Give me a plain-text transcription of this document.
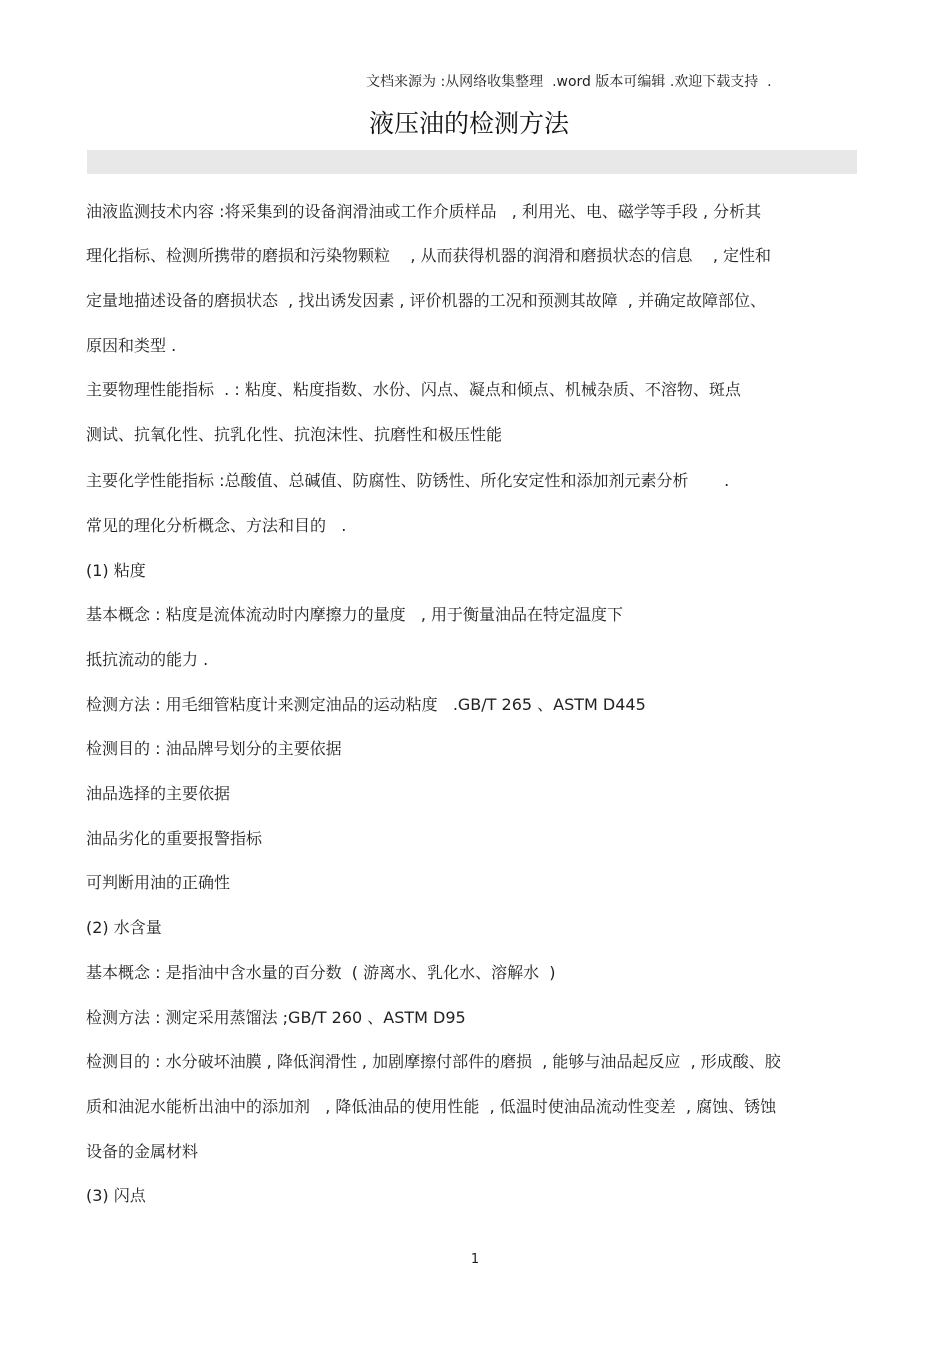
文档来源为 :从网络收集整理  .word 版本可编辑 .欢迎下载支持  .
液压油的检测方法
油液监测技术内容 :将采集到的设备润滑油或工作介质样品   , 利用光、电、磁学等手段 , 分析其
理化指标、检测所携带的磨损和污染物颗粒    , 从而获得机器的润滑和磨损状态的信息    , 定性和
定量地描述设备的磨损状态  , 找出诱发因素 , 评价机器的工况和预测其故障  , 并确定故障部位、
原因和类型 .
主要物理性能指标  . : 粘度、粘度指数、水份、闪点、凝点和倾点、机械杂质、不溶物、斑点
测试、抗氧化性、抗乳化性、抗泡沫性、抗磨性和极压性能
主要化学性能指标 :总酸值、总碱值、防腐性、防锈性、所化安定性和添加剂元素分析       .
常见的理化分析概念、方法和目的   .
(1) 粘度
基本概念 : 粘度是流体流动时内摩擦力的量度   , 用于衡量油品在特定温度下
抵抗流动的能力 .
检测方法 : 用毛细管粘度计来测定油品的运动粘度   .GB/T 265 、ASTM D445
检测目的 : 油品牌号划分的主要依据
油品选择的主要依据
油品劣化的重要报警指标
可判断用油的正确性
(2) 水含量
基本概念 : 是指油中含水量的百分数  ( 游离水、乳化水、溶解水  )
检测方法 : 测定采用蒸馏法 ;GB/T 260 、ASTM D95
检测目的 : 水分破坏油膜 , 降低润滑性 , 加剧摩擦付部件的磨损  , 能够与油品起反应  , 形成酸、胶
质和油泥水能析出油中的添加剂   , 降低油品的使用性能  , 低温时使油品流动性变差  , 腐蚀、锈蚀
设备的金属材料
(3) 闪点
1
